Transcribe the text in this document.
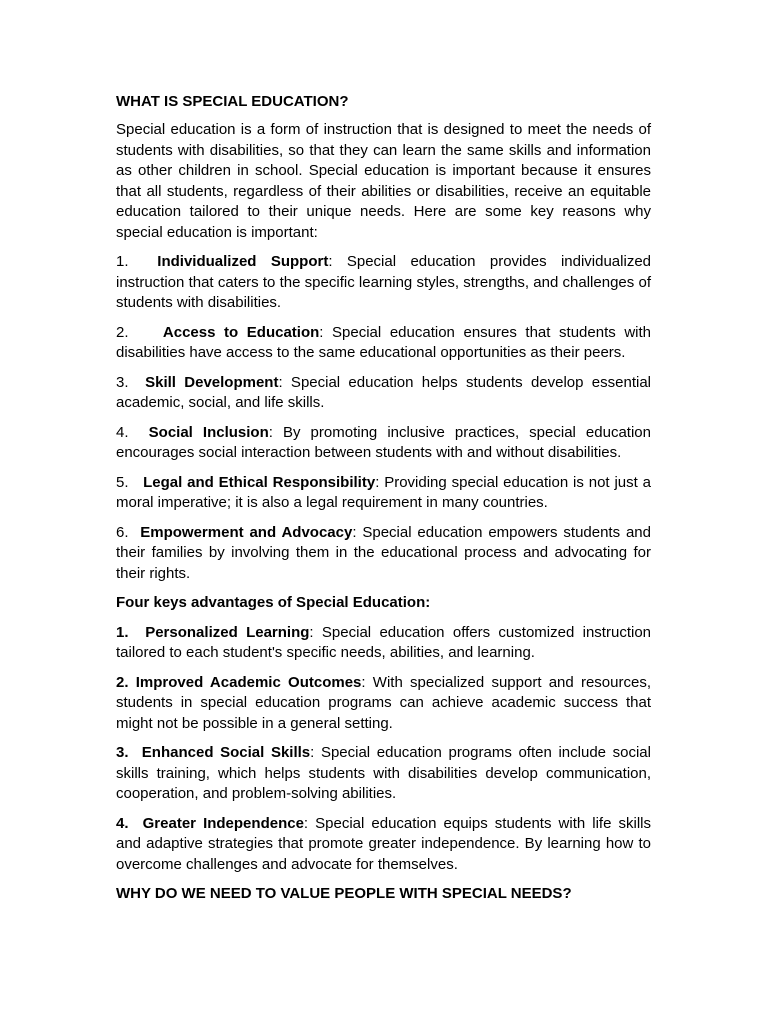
WHAT IS SPECIAL EDUCATION?

Special education is a form of instruction that is designed to meet the needs of students with disabilities, so that they can learn the same skills and information as other children in school. Special education is important because it ensures that all students, regardless of their abilities or disabilities, receive an equitable education tailored to their unique needs. Here are some key reasons why special education is important:

1. Individualized Support: Special education provides individualized instruction that caters to the specific learning styles, strengths, and challenges of students with disabilities.

2. Access to Education: Special education ensures that students with disabilities have access to the same educational opportunities as their peers.

3. Skill Development: Special education helps students develop essential academic, social, and life skills.

4. Social Inclusion: By promoting inclusive practices, special education encourages social interaction between students with and without disabilities.

5. Legal and Ethical Responsibility: Providing special education is not just a moral imperative; it is also a legal requirement in many countries.

6. Empowerment and Advocacy: Special education empowers students and their families by involving them in the educational process and advocating for their rights.

Four keys advantages of Special Education:

1. Personalized Learning: Special education offers customized instruction tailored to each student's specific needs, abilities, and learning.

2. Improved Academic Outcomes: With specialized support and resources, students in special education programs can achieve academic success that might not be possible in a general setting.

3. Enhanced Social Skills: Special education programs often include social skills training, which helps students with disabilities develop communication, cooperation, and problem-solving abilities.

4. Greater Independence: Special education equips students with life skills and adaptive strategies that promote greater independence. By learning how to overcome challenges and advocate for themselves.

WHY DO WE NEED TO VALUE PEOPLE WITH SPECIAL NEEDS?
